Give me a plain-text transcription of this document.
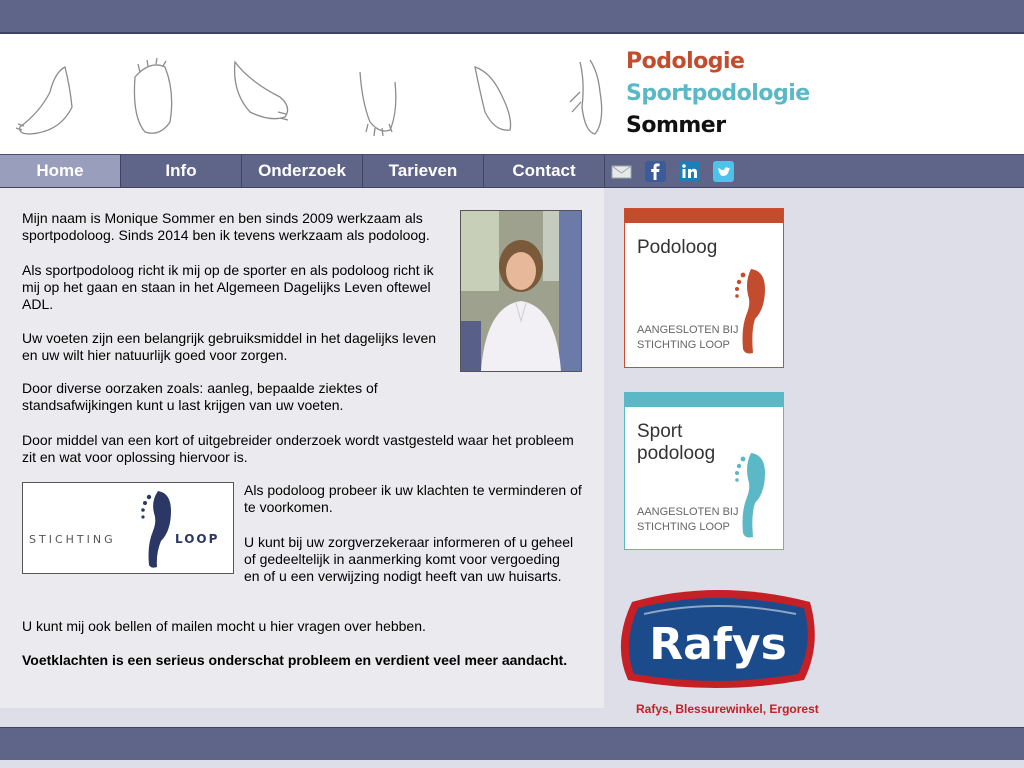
Podologie
Sportpodologie
Sommer
Home	Info	Onderzoek	Tarieven	Contact

Mijn naam is Monique Sommer en ben sinds 2009 werkzaam als sportpodoloog. Sinds 2014 ben ik tevens werkzaam als podoloog.

Als sportpodoloog richt ik mij op de sporter en als podoloog richt ik mij op het gaan en staan in het Algemeen Dagelijks Leven oftewel ADL.

Uw voeten zijn een belangrijk gebruiksmiddel in het dagelijks leven en uw wilt hier natuurlijk goed voor zorgen.

Door diverse oorzaken zoals: aanleg, bepaalde ziektes of standsafwijkingen kunt u last krijgen van uw voeten.

Door middel van een kort of uitgebreider onderzoek wordt vastgesteld waar het probleem zit en wat voor oplossing hiervoor is.

STICHTING	LOOP

Als podoloog probeer ik uw klachten te verminderen of te voorkomen.

U kunt bij uw zorgverzekeraar informeren of u geheel of gedeeltelijk in aanmerking komt voor vergoeding en of u een verwijzing nodigt heeft van uw huisarts.

U kunt mij ook bellen of mailen mocht u hier vragen over hebben.

Voetklachten is een serieus onderschat probleem en verdient veel meer aandacht.

Podoloog
AANGESLOTEN BIJ
STICHTING LOOP
Sport
podoloog
AANGESLOTEN BIJ
STICHTING LOOP
Rafys
Rafys, Blessurewinkel, Ergorest
